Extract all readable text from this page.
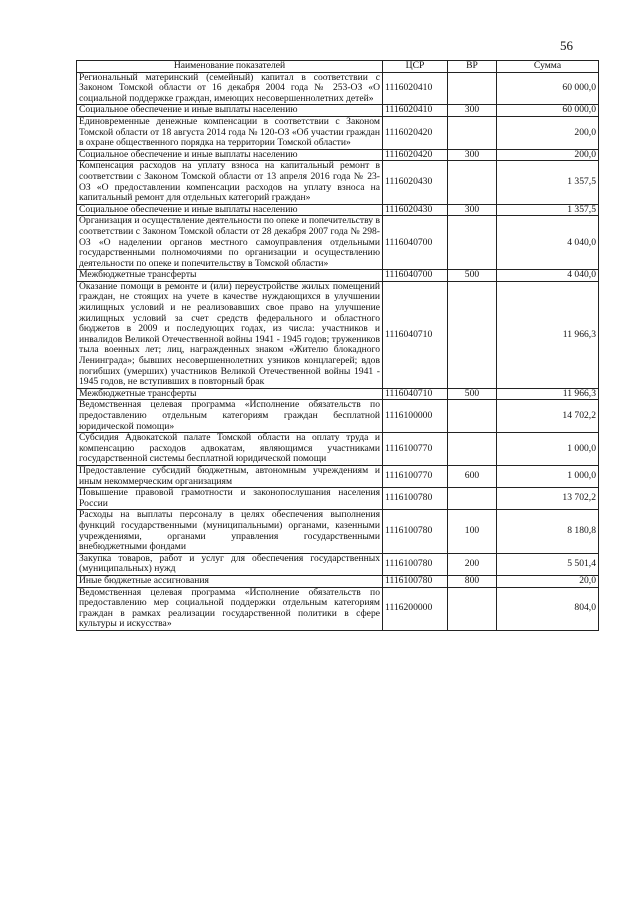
56
Наименование показателей	ЦСР	ВР	Сумма
Региональный материнский (семейный) капитал в соответствии с Законом Томской области от 16 декабря 2004 года № 253-ОЗ «О социальной поддержке граждан, имеющих несовершеннолетних детей»	1116020410		60 000,0
Социальное обеспечение и иные выплаты населению	1116020410	300	60 000,0
Единовременные денежные компенсации в соответствии с Законом Томской области от 18 августа 2014 года № 120-ОЗ «Об участии граждан в охране общественного порядка на территории Томской области»	1116020420		200,0
Социальное обеспечение и иные выплаты населению	1116020420	300	200,0
Компенсация расходов на уплату взноса на капитальный ремонт в соответствии с Законом Томской области от 13 апреля 2016 года № 23-ОЗ «О предоставлении компенсации расходов на уплату взноса на капитальный ремонт для отдельных категорий граждан»	1116020430		1 357,5
Социальное обеспечение и иные выплаты населению	1116020430	300	1 357,5
Организация и осуществление деятельности по опеке и попечительству в соответствии с Законом Томской области от 28 декабря 2007 года № 298-ОЗ «О наделении органов местного самоуправления отдельными государственными полномочиями по организации и осуществлению деятельности по опеке и попечительству в Томской области»	1116040700		4 040,0
Межбюджетные трансферты	1116040700	500	4 040,0
Оказание помощи в ремонте и (или) переустройстве жилых помещений граждан, не стоящих на учете в качестве нуждающихся в улучшении жилищных условий и не реализовавших свое право на улучшение жилищных условий за счет средств федерального и областного бюджетов в 2009 и последующих годах, из числа: участников и инвалидов Великой Отечественной войны 1941 - 1945 годов; тружеников тыла военных лет; лиц, награжденных знаком «Жителю блокадного Ленинграда»; бывших несовершеннолетних узников концлагерей; вдов погибших (умерших) участников Великой Отечественной войны 1941 - 1945 годов, не вступивших в повторный брак	1116040710		11 966,3
Межбюджетные трансферты	1116040710	500	11 966,3
Ведомственная целевая программа «Исполнение обязательств по предоставлению отдельным категориям граждан бесплатной юридической помощи»	1116100000		14 702,2
Субсидия Адвокатской палате Томской области на оплату труда и компенсацию расходов адвокатам, являющимся участниками государственной системы бесплатной юридической помощи	1116100770		1 000,0
Предоставление субсидий бюджетным, автономным учреждениям и иным некоммерческим организациям	1116100770	600	1 000,0
Повышение правовой грамотности и законопослушания населения России	1116100780		13 702,2
Расходы на выплаты персоналу в целях обеспечения выполнения функций государственными (муниципальными) органами, казенными учреждениями, органами управления государственными внебюджетными фондами	1116100780	100	8 180,8
Закупка товаров, работ и услуг для обеспечения государственных (муниципальных) нужд	1116100780	200	5 501,4
Иные бюджетные ассигнования	1116100780	800	20,0
Ведомственная целевая программа «Исполнение обязательств по предоставлению мер социальной поддержки отдельным категориям граждан в рамках реализации государственной политики в сфере культуры и искусства»	1116200000		804,0
